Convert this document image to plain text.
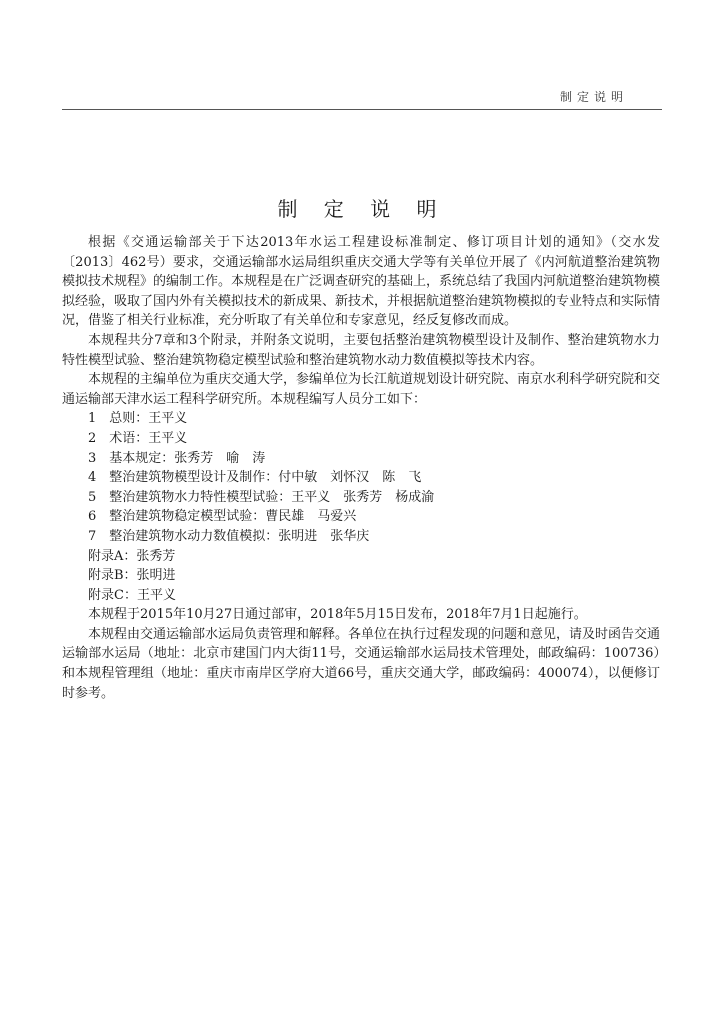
制定说明
制 定 说 明

根据《交通运输部关于下达2013年水运工程建设标准制定、修订项目计划的通知》（交水发〔2013〕462号）要求，交通运输部水运局组织重庆交通大学等有关单位开展了《内河航道整治建筑物模拟技术规程》的编制工作。本规程是在广泛调查研究的基础上，系统总结了我国内河航道整治建筑物模拟经验，吸取了国内外有关模拟技术的新成果、新技术，并根据航道整治建筑物模拟的专业特点和实际情况，借鉴了相关行业标准，充分听取了有关单位和专家意见，经反复修改而成。

本规程共分7章和3个附录，并附条文说明，主要包括整治建筑物模型设计及制作、整治建筑物水力特性模型试验、整治建筑物稳定模型试验和整治建筑物水动力数值模拟等技术内容。

本规程的主编单位为重庆交通大学，参编单位为长江航道规划设计研究院、南京水利科学研究院和交通运输部天津水运工程科学研究所。本规程编写人员分工如下：

1　总则：王平义
2　术语：王平义
3　基本规定：张秀芳　喻　涛
4　整治建筑物模型设计及制作：付中敏　刘怀汉　陈　飞
5　整治建筑物水力特性模型试验：王平义　张秀芳　杨成渝
6　整治建筑物稳定模型试验：曹民雄　马爱兴
7　整治建筑物水动力数值模拟：张明进　张华庆
附录A：张秀芳
附录B：张明进
附录C：王平义

本规程于2015年10月27日通过部审，2018年5月15日发布，2018年7月1日起施行。

本规程由交通运输部水运局负责管理和解释。各单位在执行过程发现的问题和意见，请及时函告交通运输部水运局（地址：北京市建国门内大街11号，交通运输部水运局技术管理处，邮政编码：100736）和本规程管理组（地址：重庆市南岸区学府大道66号，重庆交通大学，邮政编码：400074），以便修订时参考。
